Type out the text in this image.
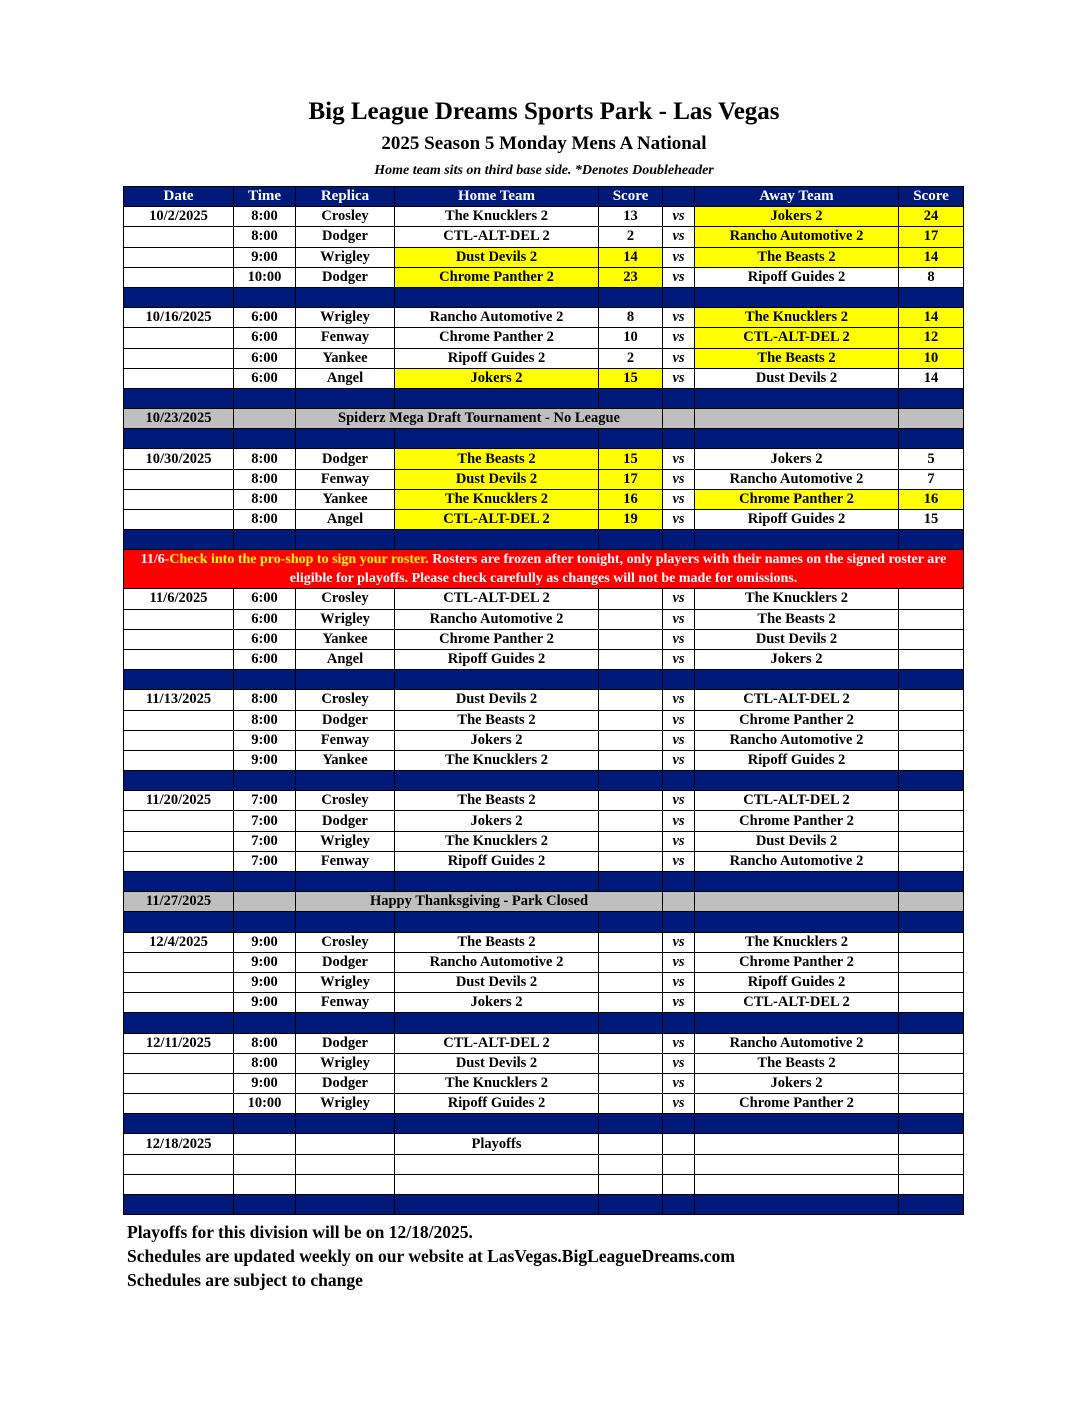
Big League Dreams Sports Park - Las Vegas
2025 Season 5 Monday Mens A National
Home team sits on third base side. *Denotes Doubleheader
Date	Time	Replica	Home Team	Score		Away Team	Score
10/2/2025	8:00	Crosley	The Knucklers 2	13	vs	Jokers 2	24
	8:00	Dodger	CTL-ALT-DEL 2	2	vs	Rancho Automotive 2	17
	9:00	Wrigley	Dust Devils 2	14	vs	The Beasts 2	14
	10:00	Dodger	Chrome Panther 2	23	vs	Ripoff Guides 2	8

10/16/2025	6:00	Wrigley	Rancho Automotive 2	8	vs	The Knucklers 2	14
	6:00	Fenway	Chrome Panther 2	10	vs	CTL-ALT-DEL 2	12
	6:00	Yankee	Ripoff Guides 2	2	vs	The Beasts 2	10
	6:00	Angel	Jokers 2	15	vs	Dust Devils 2	14

10/23/2025		Spiderz Mega Draft Tournament - No League					

10/30/2025	8:00	Dodger	The Beasts 2	15	vs	Jokers 2	5
	8:00	Fenway	Dust Devils 2	17	vs	Rancho Automotive 2	7
	8:00	Yankee	The Knucklers 2	16	vs	Chrome Panther 2	16
	8:00	Angel	CTL-ALT-DEL 2	19	vs	Ripoff Guides 2	15

11/6-Check into the pro-shop to sign your roster. Rosters are frozen after tonight, only players with their names on the signed roster are eligible for playoffs. Please check carefully as changes will not be made for omissions.							
11/6/2025	6:00	Crosley	CTL-ALT-DEL 2		vs	The Knucklers 2	
	6:00	Wrigley	Rancho Automotive 2		vs	The Beasts 2	
	6:00	Yankee	Chrome Panther 2		vs	Dust Devils 2	
	6:00	Angel	Ripoff Guides 2		vs	Jokers 2	

11/13/2025	8:00	Crosley	Dust Devils 2		vs	CTL-ALT-DEL 2	
	8:00	Dodger	The Beasts 2		vs	Chrome Panther 2	
	9:00	Fenway	Jokers 2		vs	Rancho Automotive 2	
	9:00	Yankee	The Knucklers 2		vs	Ripoff Guides 2	

11/20/2025	7:00	Crosley	The Beasts 2		vs	CTL-ALT-DEL 2	
	7:00	Dodger	Jokers 2		vs	Chrome Panther 2	
	7:00	Wrigley	The Knucklers 2		vs	Dust Devils 2	
	7:00	Fenway	Ripoff Guides 2		vs	Rancho Automotive 2	

11/27/2025		Happy Thanksgiving - Park Closed					

12/4/2025	9:00	Crosley	The Beasts 2		vs	The Knucklers 2	
	9:00	Dodger	Rancho Automotive 2		vs	Chrome Panther 2	
	9:00	Wrigley	Dust Devils 2		vs	Ripoff Guides 2	
	9:00	Fenway	Jokers 2		vs	CTL-ALT-DEL 2	

12/11/2025	8:00	Dodger	CTL-ALT-DEL 2		vs	Rancho Automotive 2	
	8:00	Wrigley	Dust Devils 2		vs	The Beasts 2	
	9:00	Dodger	The Knucklers 2		vs	Jokers 2	
	10:00	Wrigley	Ripoff Guides 2		vs	Chrome Panther 2	

12/18/2025			Playoffs				

Playoffs for this division will be on 12/18/2025.
Schedules are updated weekly on our website at LasVegas.BigLeagueDreams.com
Schedules are subject to change
